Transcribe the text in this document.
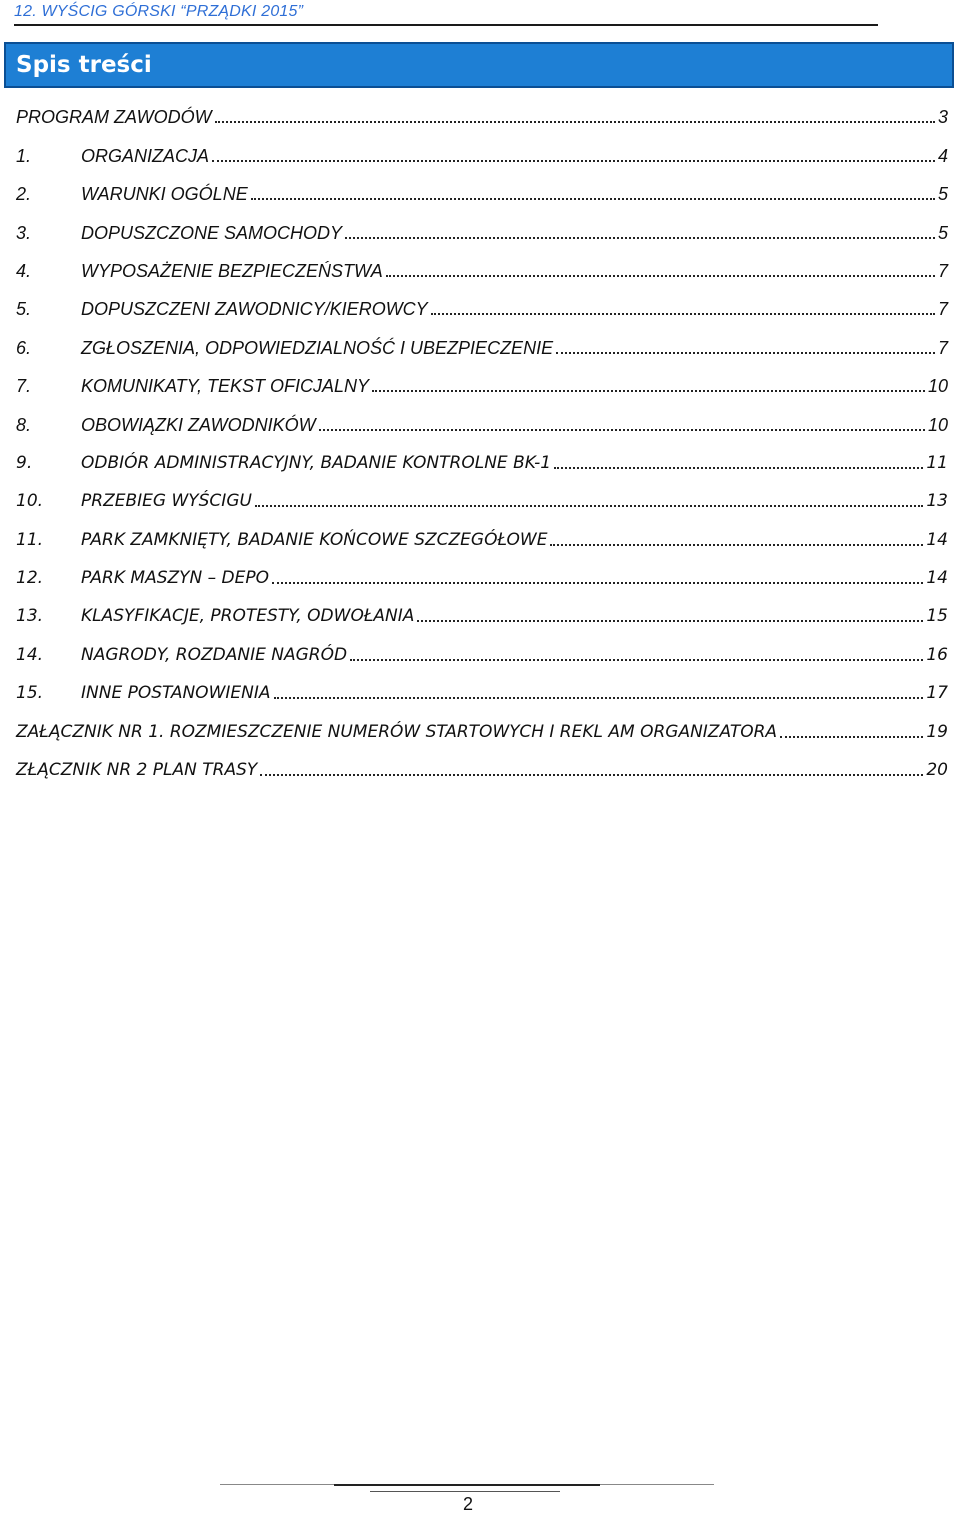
12. WYŚCIG GÓRSKI “PRZĄDKI 2015”
Spis treści
PROGRAM ZAWODÓW	3
1.	ORGANIZACJA	4
2.	WARUNKI OGÓLNE	5
3.	DOPUSZCZONE SAMOCHODY	5
4.	WYPOSAŻENIE BEZPIECZEŃSTWA	7
5.	DOPUSZCZENI ZAWODNICY/KIEROWCY	7
6.	ZGŁOSZENIA, ODPOWIEDZIALNOŚĆ I UBEZPIECZENIE	7
7.	KOMUNIKATY, TEKST OFICJALNY	10
8.	OBOWIĄZKI ZAWODNIKÓW	10
9.	ODBIÓR ADMINISTRACYJNY, BADANIE KONTROLNE BK-1	11
10.	PRZEBIEG WYŚCIGU	13
11.	PARK ZAMKNIĘTY, BADANIE KOŃCOWE SZCZEGÓŁOWE	14
12.	PARK MASZYN – DEPO	14
13.	KLASYFIKACJE, PROTESTY, ODWOŁANIA	15
14.	NAGRODY, ROZDANIE NAGRÓD	16
15.	INNE POSTANOWIENIA	17
ZAŁĄCZNIK NR 1. ROZMIESZCZENIE NUMERÓW STARTOWYCH I REKL AM ORGANIZATORA	19
ZŁĄCZNIK NR 2 PLAN TRASY	20
2
